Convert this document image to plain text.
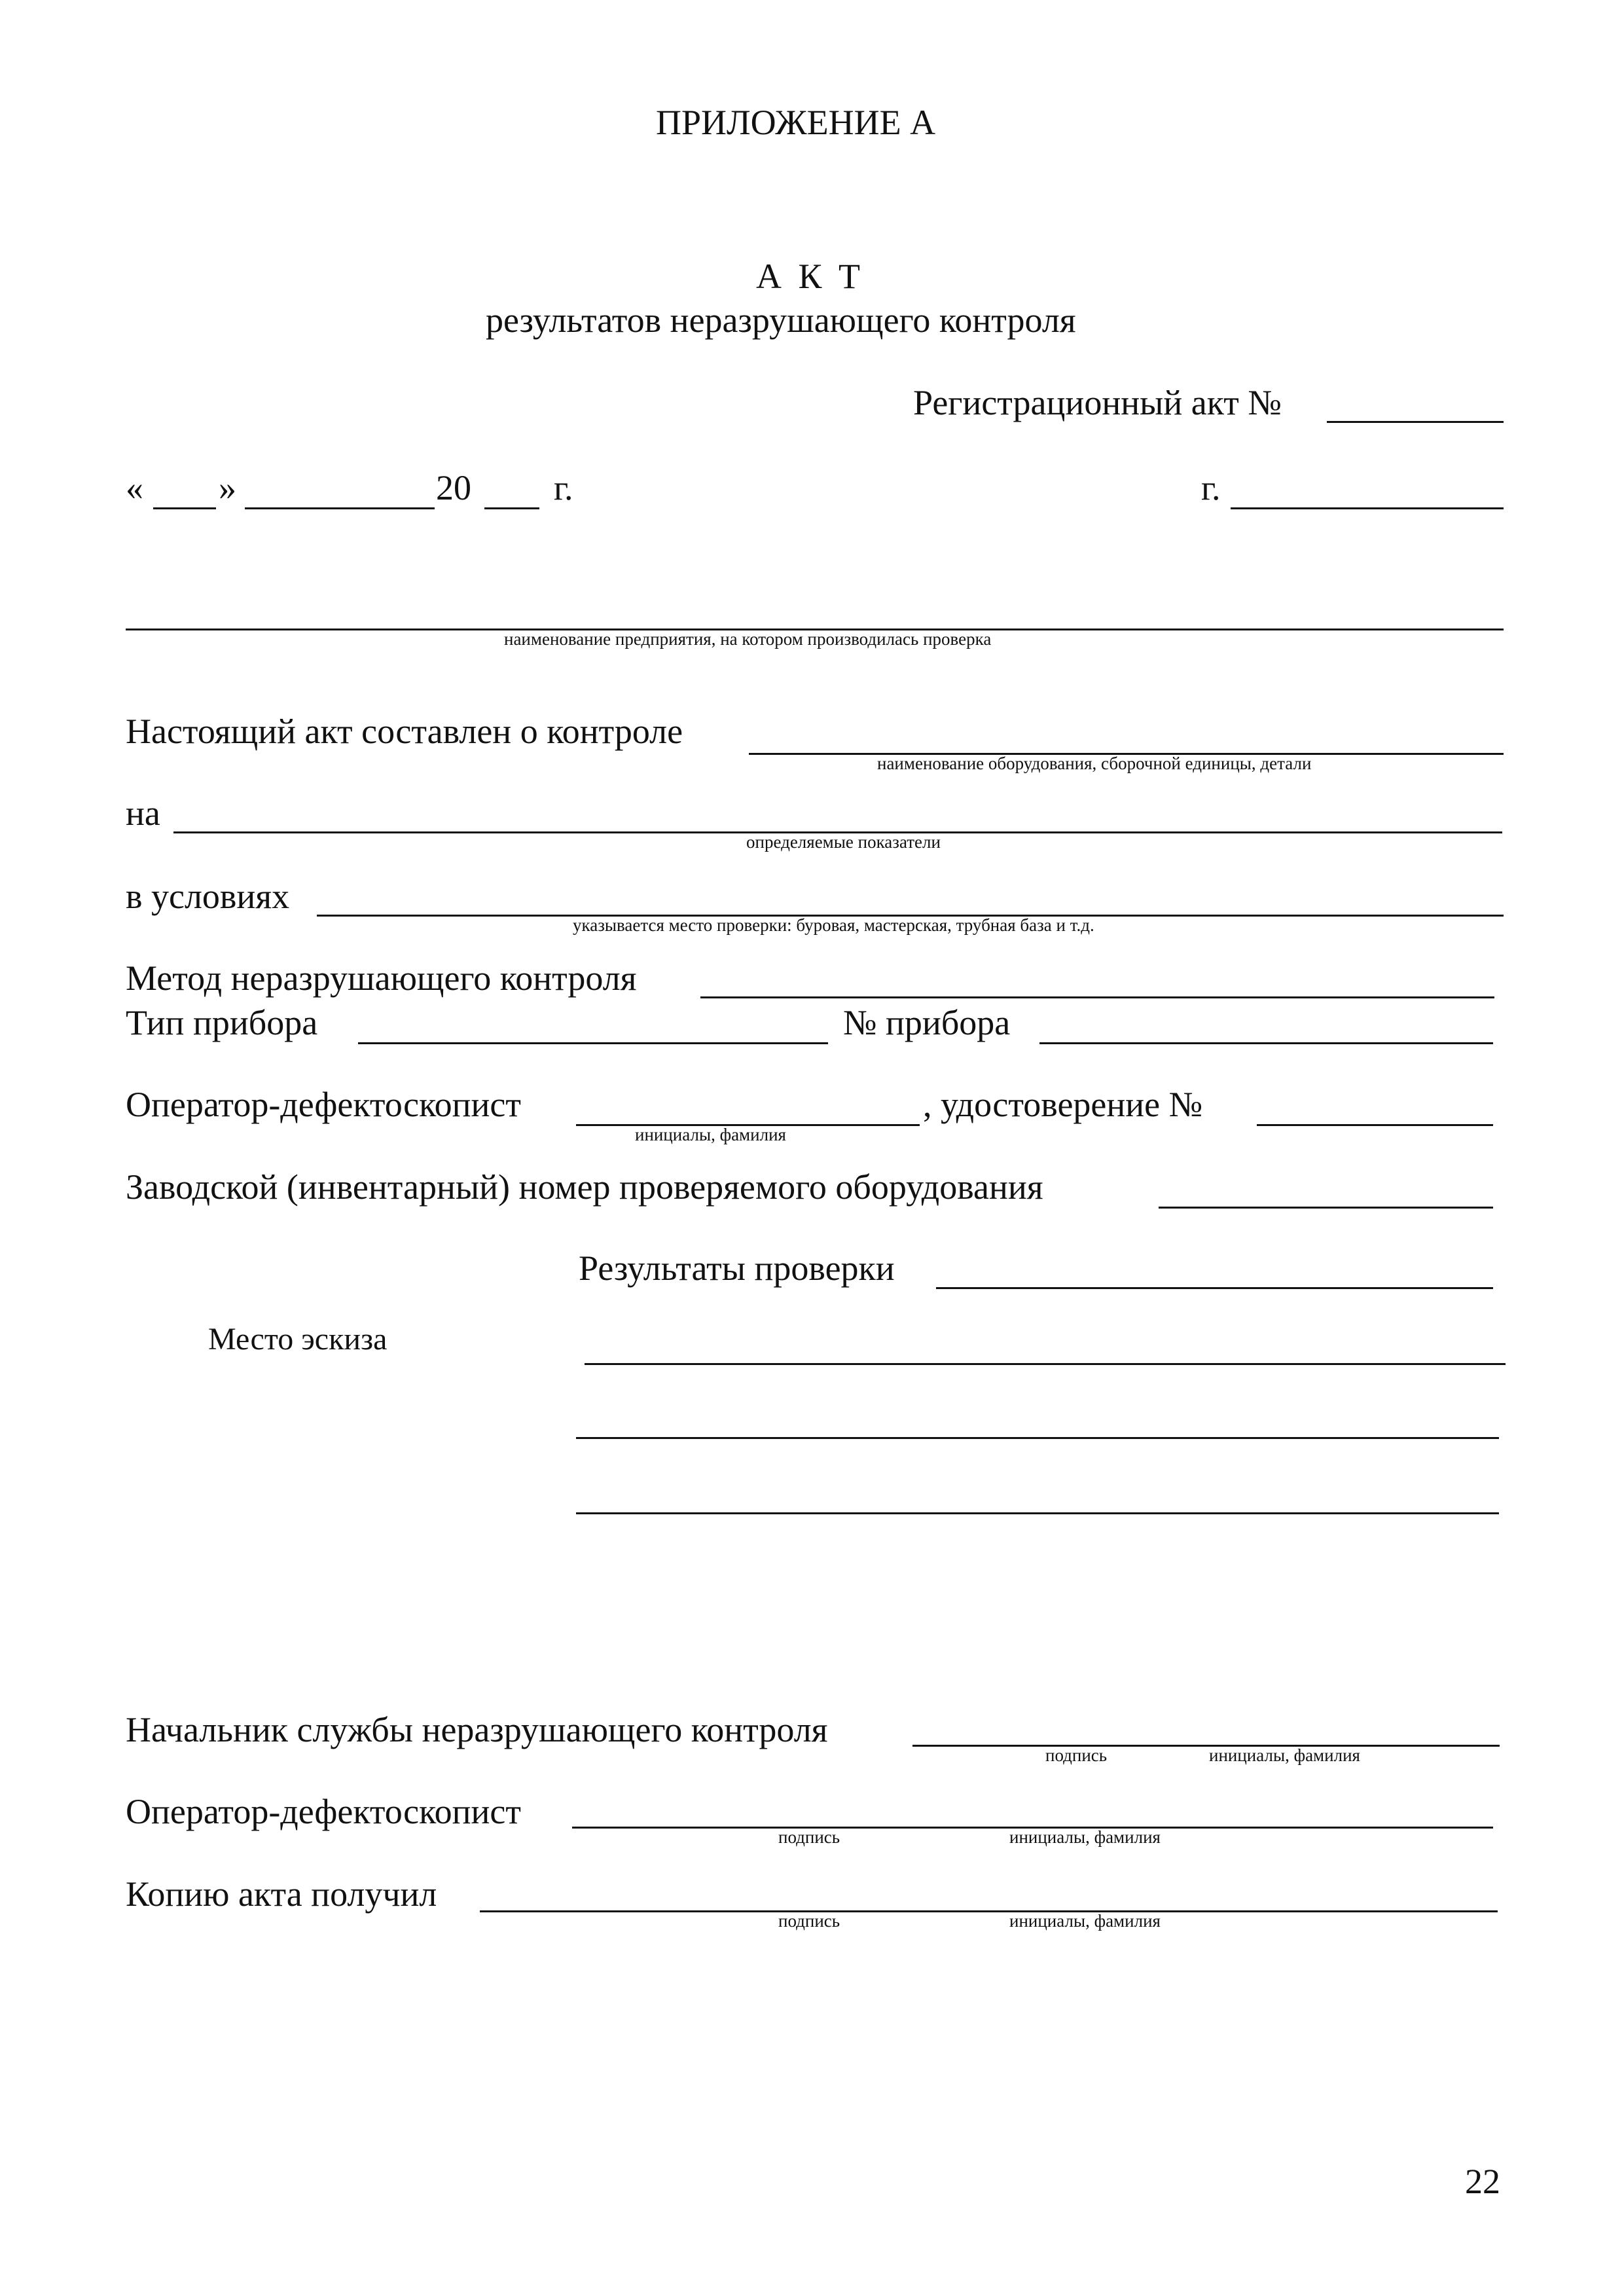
ПРИЛОЖЕНИЕ А
А К Т
результатов неразрушающего контроля
Регистрационный акт №
« »	20 г.	г.
наименование предприятия, на котором производилась проверка
Настоящий акт составлен о контроле
наименование оборудования, сборочной единицы, детали
на
определяемые показатели
в условиях
указывается место проверки: буровая, мастерская, трубная база и т.д.
Метод неразрушающего контроля
Тип прибора	№ прибора
Оператор-дефектоскопист
инициалы, фамилия
, удостоверение №
Заводской (инвентарный) номер проверяемого оборудования
Результаты проверки
Место эскиза
Начальник службы неразрушающего контроля
подпись	инициалы, фамилия
Оператор-дефектоскопист
подпись	инициалы, фамилия
Копию акта получил
подпись	инициалы, фамилия
22
